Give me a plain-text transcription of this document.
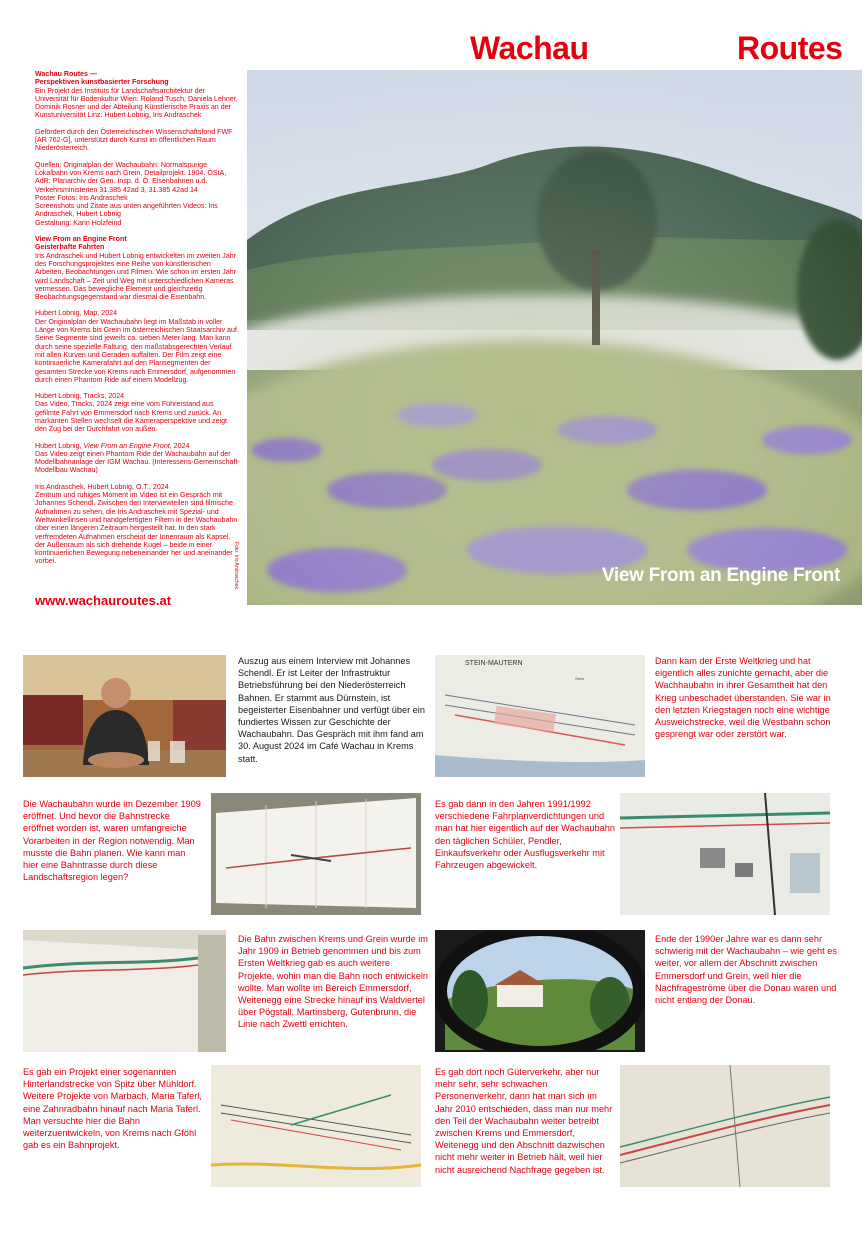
Wachau	Routes

Wachau Routes —
Perspektiven kunstbasierter Forschung
Ein Projekt des Instituts für Landschaftsarchitektur der Universität für Bodenkultur Wien: Roland Tusch, Daniela Lehner, Dominik Rosner und der Abteilung Künstlerische Praxis an der Kunstuniversität Linz: Hubert Lobnig, Iris Andraschek

Gefördert durch den Österreichischen Wissenschaftsfond FWF [AR 762-G], unterstützt durch Kunst im öffentlichen Raum Niederösterreich.

Quellen: Originalplan der Wachaubahn: Normalspurige Lokalbahn von Krems nach Grein, Detailprojekt. 1904. ÖStA, AdR: Planarchiv der Gen. Insp. d. Ö. Eisenbahnen u.d. Verkehrsministerien 31.385 42ad 3, 31.385 42ad 14
Poster Fotos: Iris Andraschek
Screenshots und Zitate aus unten angeführten Videos: Iris Andraschek, Hubert Lobnig
Gestaltung: Karin Holzfeind

View From an Engine Front
Geisterhafte Fahrten
Iris Andraschek und Hubert Lobnig entwickelten im zweiten Jahr des Forschungsprojektes eine Reihe von künstlerischen Arbeiten, Beobachtungen und Filmen. Wie schon im ersten Jahr wird Landschaft – Zeit und Weg mit unterschiedlichen Kameras vermessen. Das bewegliche Element und gleichzeitig Beobachtungsgegenstand war diesmal die Eisenbahn.

Hubert Lobnig, Map, 2024
Der Originalplan der Wachaubahn liegt im Maßstab in voller Länge von Krems bis Grein im österreichischen Staatsarchiv auf. Seine Segmente sind jeweils ca. sieben Meter lang. Man kann durch seine spezielle Faltung, den maßstabsgerechten Verlauf mit allen Kurven und Geraden auffalten. Der Film zeigt eine kontinuierliche Kamerafahrt auf den Plansegmenten der gesamten Strecke von Krems nach Emmersdorf, aufgenommen durch einen Phantom Ride auf einem Modellzug.

Hubert Lobnig, Tracks, 2024
Das Video, Tracks, 2024 zeigt eine vom Führerstand aus gefilmte Fahrt von Emmersdorf nach Krems und zurück. An markanten Stellen wechselt die Kameraperspektive und zeigt den Zug bei der Durchfahrt von außen.

Hubert Lobnig, View From an Engine Front, 2024
Das Video zeigt einen Phantom Ride der Wachaubahn auf der Modellbahnanlage der IGM Wachau. (Interessens-Gemeinschaft-Modellbau Wachau)

Iris Andraschek, Hubert Lobnig, O.T., 2024
Zentrum und ruhiges Moment im Video ist ein Gespräch mit Johannes Schendl. Zwischen den Interviewteilen sind filmische Aufnahmen zu sehen, die Iris Andraschek mit Spezial- und Weitwinkellinsen und handgefertigten Filtern in der Wachaubahn über einen längeren Zeitraum hergestellt hat. In den stark verfremdeten Aufnahmen erscheint der Innenraum als Kapsel, der Außenraum als sich drehende Kugel – beide in einer kontinuierlichen Bewegung nebeneinander her und aneinander vorbei.

www.wachauroutes.at
Foto: Iris Andraschek	View From an Engine Front
Auszug aus einem Interview mit Johannes Schendl. Er ist Leiter der Infrastruktur Betriebsführung bei den Niederösterreich Bahnen. Er stammt aus Dürnstein, ist begeisterter Eisenbahner und verfügt über ein fundiertes Wissen zur Geschichte der Wachaubahn. Das Gespräch mit ihm fand am 30. August 2024 im Café Wachau in Krems statt.
STEIN-MAUTERN
Stein
Dann kam der Erste Weltkrieg und hat eigentlich alles zunichte gemacht, aber die Wachhaubahn in ihrer Gesamtheit hat den Krieg unbeschadet überstanden. Sie war in den letzten Kriegstagen noch eine wichtige Ausweichstrecke, weil die Westbahn schon gesprengt war oder zerstört war.
Die Wachaubahn wurde im Dezember 1909 eröffnet. Und bevor die Bahnstrecke eröffnet worden ist, waren umfangreiche Vorarbeiten in der Region notwendig. Man musste die Bahn planen. Wie kann man hier eine Bahntrasse durch diese Landschaftsregion legen?
Es gab dann in den Jahren 1991/1992 verschiedene Fahrplanverdichtungen und man hat hier eigentlich auf der Wachaubahn den täglichen Schüler, Pendler, Einkaufsverkehr oder Ausflugsverkehr mit Fahrzeugen abgewickelt.
Die Bahn zwischen Krems und Grein wurde im Jahr 1909 in Betrieb genommen und bis zum Ersten Weltkrieg gab es auch weitere Projekte, wohin man die Bahn noch entwickeln wollte. Man wollte im Bereich Emmersdorf, Weitenegg eine Strecke hinauf ins Waldviertel über Pögstall, Martinsberg, Gutenbrunn, die Linie nach Zwettl errichten.
Ende der 1990er Jahre war es dann sehr schwierig mit der Wachaubahn – wie geht es weiter, vor allem der Abschnitt zwischen Emmersdorf und Grein, weil hier die Nachfrageströme über die Donau waren und nicht entlang der Donau.
Es gab ein Projekt einer sogenannten Hinterlandstrecke von Spitz über Mühldorf. Weitere Projekte von Marbach, Maria Taferl, eine Zahnradbahn hinauf nach Maria Taferl. Man versuchte hier die Bahn weiterzuentwickeln, von Krems nach Gföhl gab es ein Bahnprojekt.
Es gab dort noch Güterverkehr, aber nur mehr sehr, sehr schwachen Personenverkehr, dann hat man sich im Jahr 2010 entschieden, dass man nur mehr den Teil der Wachaubahn weiter betreibt zwischen Krems und Emmersdorf, Weitenegg und den Abschnitt dazwischen nicht mehr weiter in Betrieb hält, weil hier nicht ausreichend Nachfrage gegeben ist.
